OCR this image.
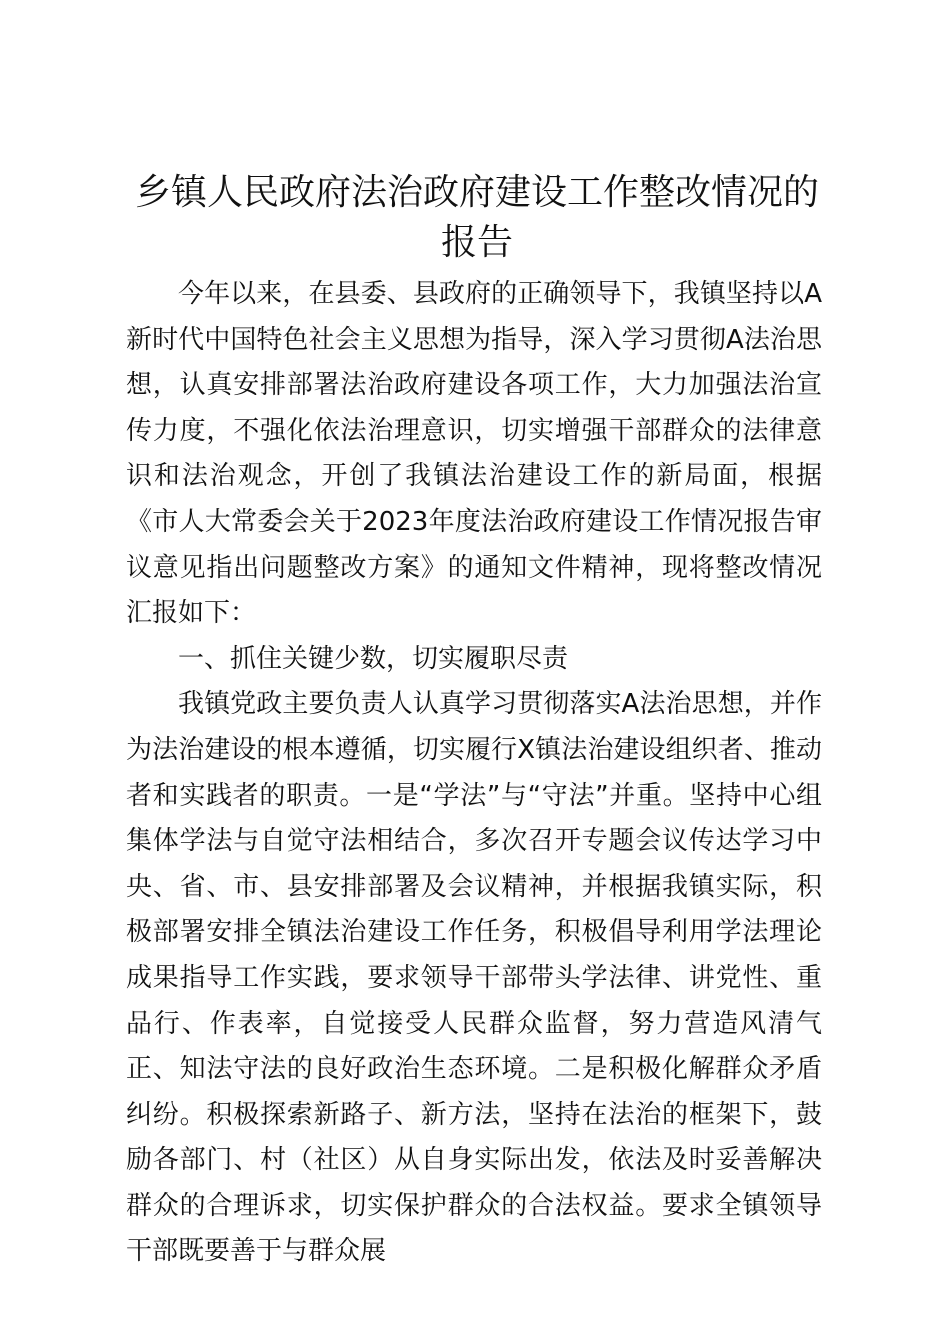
乡镇人民政府法治政府建设工作整改情况的报告

今年以来，在县委、县政府的正确领导下，我镇坚持以A新时代中国特色社会主义思想为指导，深入学习贯彻A法治思想，认真安排部署法治政府建设各项工作，大力加强法治宣传力度，不强化依法治理意识，切实增强干部群众的法律意识和法治观念，开创了我镇法治建设工作的新局面，根据《市人大常委会关于2023年度法治政府建设工作情况报告审议意见指出问题整改方案》的通知文件精神，现将整改情况汇报如下：

一、抓住关键少数，切实履职尽责

我镇党政主要负责人认真学习贯彻落实A法治思想，并作为法治建设的根本遵循，切实履行X镇法治建设组织者、推动者和实践者的职责。一是“学法”与“守法”并重。坚持中心组集体学法与自觉守法相结合，多次召开专题会议传达学习中央、省、市、县安排部署及会议精神，并根据我镇实际，积极部署安排全镇法治建设工作任务，积极倡导利用学法理论成果指导工作实践，要求领导干部带头学法律、讲党性、重品行、作表率，自觉接受人民群众监督，努力营造风清气正、知法守法的良好政治生态环境。二是积极化解群众矛盾纠纷。积极探索新路子、新方法，坚持在法治的框架下，鼓励各部门、村（社区）从自身实际出发，依法及时妥善解决群众的合理诉求，切实保护群众的合法权益。要求全镇领导干部既要善于与群众展
